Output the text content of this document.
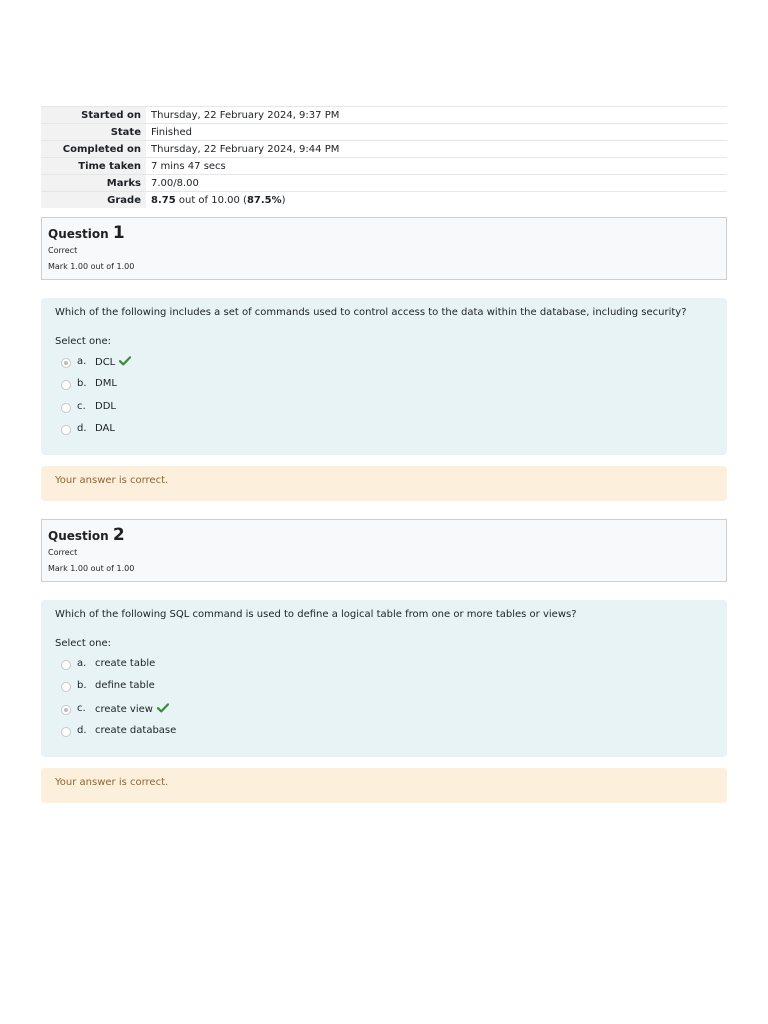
Started on	Thursday, 22 February 2024, 9:37 PM
State	Finished
Completed on	Thursday, 22 February 2024, 9:44 PM
Time taken	7 mins 47 secs
Marks	7.00/8.00
Grade	8.75 out of 10.00 (87.5%)
Question 1
Correct
Mark 1.00 out of 1.00
Which of the following includes a set of commands used to control access to the data within the database, including security?
Select one:
a. DCL
b. DML
c. DDL
d. DAL
Your answer is correct.
Question 2
Correct
Mark 1.00 out of 1.00
Which of the following SQL command is used to define a logical table from one or more tables or views?
Select one:
a. create table
b. define table
c. create view
d. create database
Your answer is correct.
